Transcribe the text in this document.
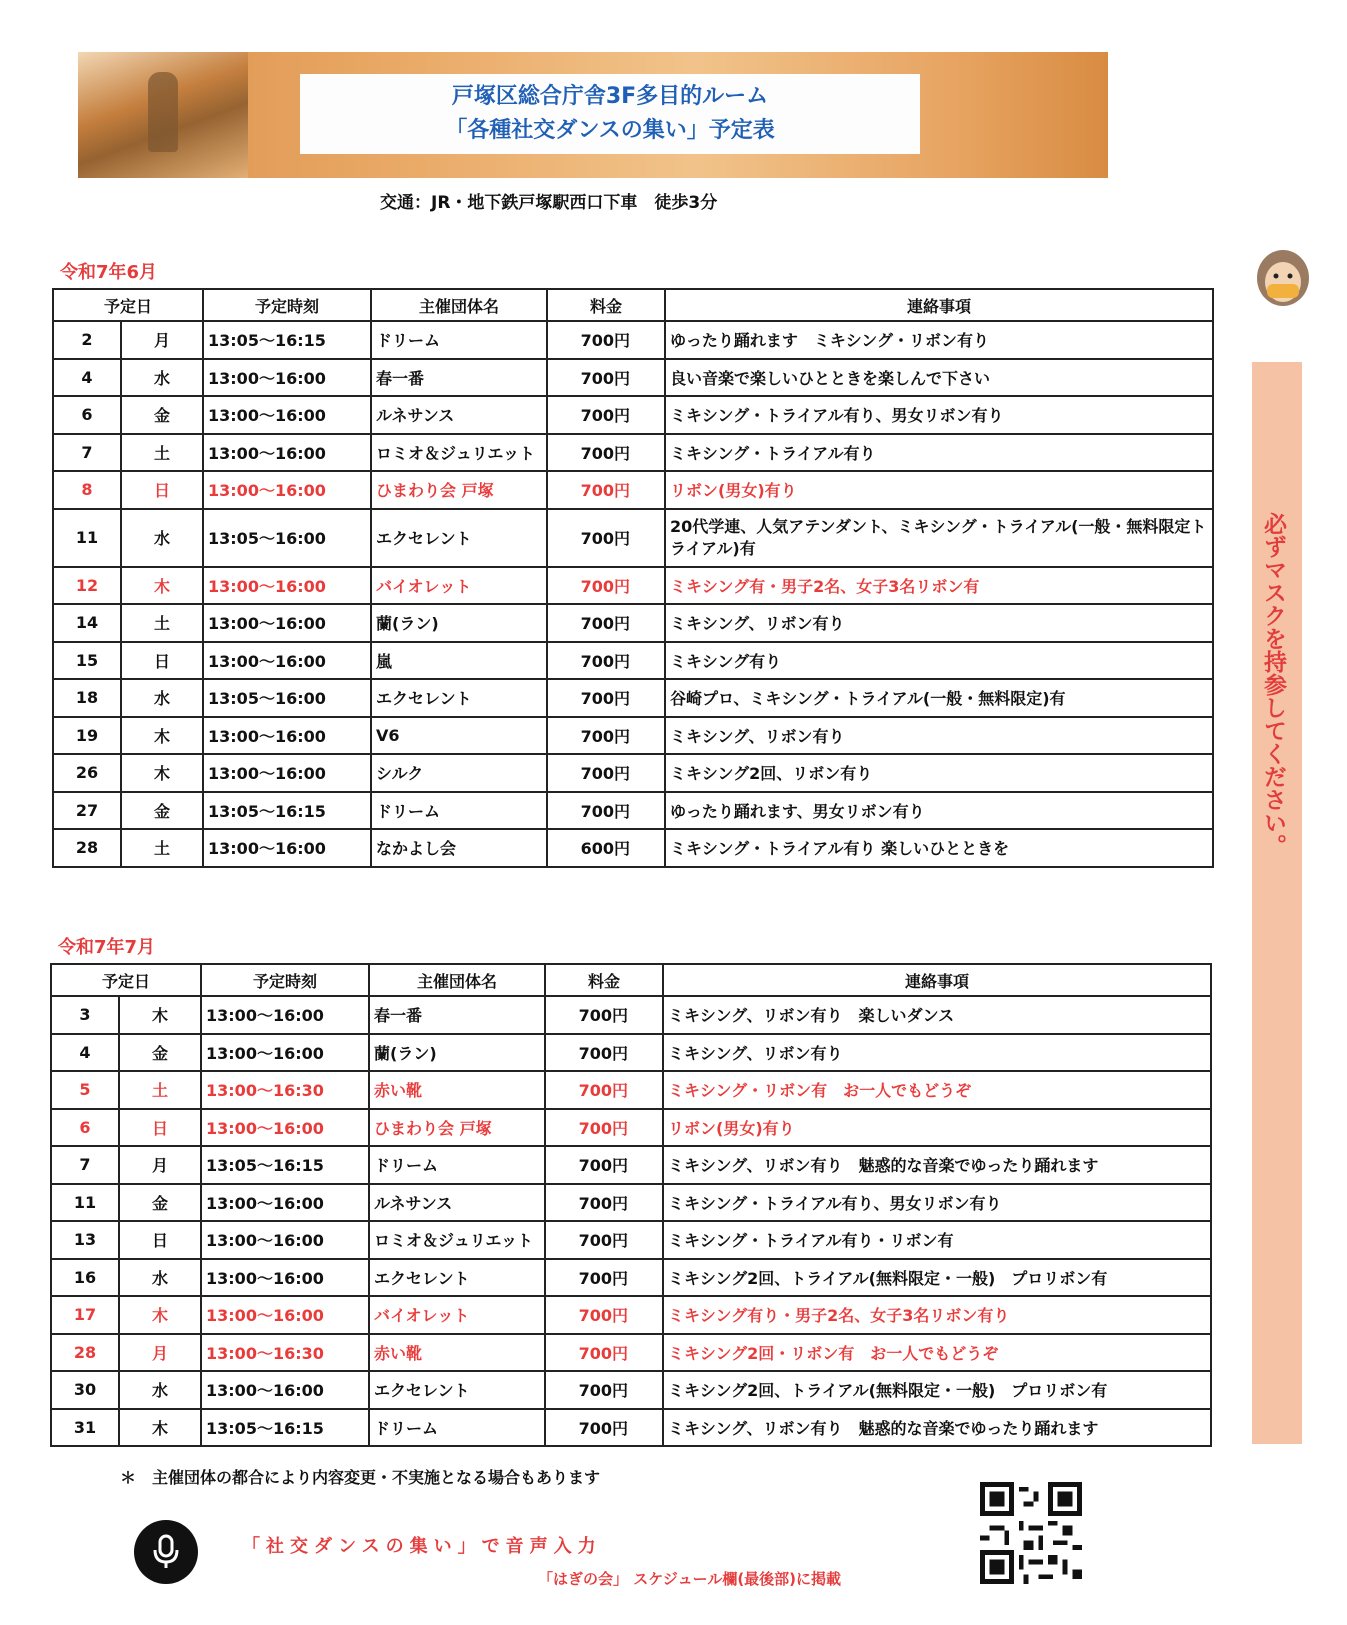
戸塚区総合庁舎3F多目的ルーム
「各種社交ダンスの集い」予定表
交通：JR・地下鉄戸塚駅西口下車　徒歩3分
令和7年6月
予定日		予定時刻	主催団体名	料金	連絡事項
2	月	13:05～16:15	ドリーム	700円	ゆったり踊れます　ミキシング・リボン有り
4	水	13:00～16:00	春一番	700円	良い音楽で楽しいひとときを楽しんで下さい
6	金	13:00～16:00	ルネサンス	700円	ミキシング・トライアル有り、男女リボン有り
7	土	13:00～16:00	ロミオ＆ジュリエット	700円	ミキシング・トライアル有り
8	日	13:00～16:00	ひまわり会 戸塚	700円	リボン(男女)有り
11	水	13:05～16:00	エクセレント	700円	20代学連、人気アテンダント、ミキシング・トライアル(一般・無料限定トライアル)有
12	木	13:00～16:00	バイオレット	700円	ミキシング有・男子2名、女子3名リボン有
14	土	13:00～16:00	蘭(ラン)	700円	ミキシング、リボン有り
15	日	13:00～16:00	嵐	700円	ミキシング有り
18	水	13:05～16:00	エクセレント	700円	谷崎プロ、ミキシング・トライアル(一般・無料限定)有
19	木	13:00～16:00	V6	700円	ミキシング、リボン有り
26	木	13:00～16:00	シルク	700円	ミキシング2回、リボン有り
27	金	13:05～16:15	ドリーム	700円	ゆったり踊れます、男女リボン有り
28	土	13:00～16:00	なかよし会	600円	ミキシング・トライアル有り 楽しいひとときを
令和7年7月
予定日		予定時刻	主催団体名	料金	連絡事項
3	木	13:00～16:00	春一番	700円	ミキシング、リボン有り　楽しいダンス
4	金	13:00～16:00	蘭(ラン)	700円	ミキシング、リボン有り
5	土	13:00～16:30	赤い靴	700円	ミキシング・リボン有　お一人でもどうぞ
6	日	13:00～16:00	ひまわり会 戸塚	700円	リボン(男女)有り
7	月	13:05～16:15	ドリーム	700円	ミキシング、リボン有り　魅惑的な音楽でゆったり踊れます
11	金	13:00～16:00	ルネサンス	700円	ミキシング・トライアル有り、男女リボン有り
13	日	13:00～16:00	ロミオ＆ジュリエット	700円	ミキシング・トライアル有り・リボン有
16	水	13:00～16:00	エクセレント	700円	ミキシング2回、トライアル(無料限定・一般)　プロリボン有
17	木	13:00～16:00	バイオレット	700円	ミキシング有り・男子2名、女子3名リボン有り
28	月	13:00～16:30	赤い靴	700円	ミキシング2回・リボン有　お一人でもどうぞ
30	水	13:00～16:00	エクセレント	700円	ミキシング2回、トライアル(無料限定・一般)　プロリボン有
31	木	13:05～16:15	ドリーム	700円	ミキシング、リボン有り　魅惑的な音楽でゆったり踊れます
必ずマスクを持参してください。
＊　主催団体の都合により内容変更・不実施となる場合もあります
「社交ダンスの集い」で音声入力
「はぎの会」 スケジュール欄(最後部)に掲載
